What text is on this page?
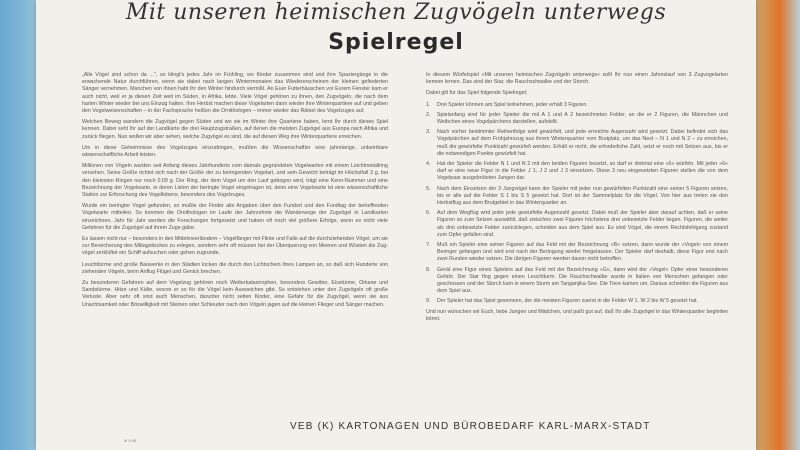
Mit unseren heimischen Zugvögeln unterwegs
Spielregel
III 9 44

„Alle Vögel sind schon da ...", so klingt's jedes Jahr im Frühling, wo Kinder zusammen sind und ihre Spaziergänge in die erwachende Natur durchführen, wenn sie dabei nach langen Wintermonaten das Wiedererscheinen der kleinen gefiederten Sänger vernehmen. Manchen von ihnen habt Ihr den Winter hindurch vermißt. An Euer Futterhäuschen vor Eurem Fenster kam er auch nicht, weil er ja diesen Zeit weit im Süden, in Afrika, lebte. Viele Vögel gehören zu ihnen, den Zugvögeln, die nach dem harten Winter wieder bei uns Einzug halten. Ihre Herbst machen diese Vogelarten dann wieder ihre Winterquartiere auf und geben den Vogelweisenschaften – in der Fachsprache heißen die Ornithologen – immer wieder das Rätsel des Vogelzuges auf.

Welchen Beweg wandern die Zugvögel gegen Süden und wo sie im Winter ihre Quartiere haben, lernt Ihr durch dieses Spiel kennen. Dabei seht Ihr auf der Landkarte die drei Hauptzugstraßen, auf denen die meisten Zugvögel aus Europa nach Afrika und zurück fliegen. Nun wollen wir aber sehen, welche Zugvögel es sind, die auf diesen Weg ihre Winterquartiere erreichen.

Um in diese Geheimnisse des Vogelzuges einzudringen, mußten die Wissenschaftler eine jahrelange, unbeirrbare wissenschaftliche Arbeit leisten.

Millionen von Vögeln wurden seit Anfang dieses Jahrhunderts vom damals gegründeten Vogelwarten mit einem Leichtmetallring versehen. Seine Größe richtet sich nach der Größe der zu beringenden Vogelart, und sein Gewicht beträgt im Höchstfall 3 g, bei den kleinsten Ringen nur noch 0,09 g. Der Ring, der dem Vogel um den Lauf gebogen wird, trägt eine Kenn-Nummer und eine Bezeichnung der Vogelwarte, in deren Listen der beringte Vogel eingetragen ist, denn eine Vogelwarte ist eine wissenschaftliche Station zur Erforschung des Vogellebens, besonders des Vogelzuges.

Wurde ein beringter Vogel gefunden, so mußte der Finder alle Angaben über den Fundort und den Fundtag der betreffenden Vogelwarte mitteilen. So konnten die Ornithologen im Laufe der Jahrzehnte die Wanderwege der Zugvögel in Landkarten einzeichnen. Jahr für Jahr werden die Forschungen fortgesetzt und haben oft noch viel größere Erfolge, wenn es nicht viele Gefahren für die Zugvögel auf ihrem Zuge gäbe.

Es lassen nicht nur – besonders in den Mittelmeerländern – Vogelfänger mit Flinte und Falle auf die durchziehenden Vögel, um sie zur Bereicherung des Mittagstisches zu erlegen, sondern sehr oft müssen bei der Überquerung von Meeren und Wüsten die Zugvögel zerklüftet ein Schiff aufsuchen oder gehen zugrunde.

Leuchttürme und große Bauwerke in den Städten locken die durch den Lichtschein ihres Lampen an, so daß sich Hunderte von ziehenden Vögeln, beim Anflug Flügel und Genick brechen.

Zu besonderen Gefahren auf dem Vogelzug gehören noch Wetterkatastrophen, besonders Gewitter, Eisstürme, Orkane und Sandstürme. Hitze und Kälte, wovon er so für die Vögel kein Ausweichen gibt. So entstehen unter den Zugvögeln oft große Verluste. Aber sehr oft sind auch Menschen, darunter nicht selten Kinder, eine Gefahr für die Zugvögel, wenn sie aus Unachtsamkeit oder Böswilligkeit mit Steinen oder Schleuder nach den Vögeln jagen auf die kleinen Flieger und Sänger machen.

In diesem Würfelspiel »Mit unseren heimischen Zugvögeln unterwegs« sollt Ihr nun einen Jahreslauf von 3 Zugvogelarten kennen lernen. Das sind der Star, die Rauchschwalbe und der Storch.

Dabei gilt für das Spiel folgende Spielregel:

1.	Drei Spieler können am Spiel teilnehmen, jeder erhält 3 Figuren.
2.	Spielanfang sind für jeder Spieler die mit A 1 und A 2 bezeichneten Felder, an die er 2 Figuren, die Männchen und Weibchen eines Vogelpärchens darstellen, aufstellt.
3.	Nach vorher bestimmter Reihenfolge wird gewürfelt, und jede erreichte Augenzahl wird gesetzt. Dabei befindet sich das Vogelpärchen auf dem Frühjahrszug aus ihrem Winterquartier vom Brutplatz, um das Nest – N 1 und N 2 – zu erreichen, muß die gewürfelte Punktzahl gewürfelt werden. Erhält er nicht, die erforderliche Zahl, setzt er noch mit Setzen aus, bis er die notwendigen Punkte gewürfelt hat.
4.	Hat der Spieler die Felder N 1 und N 2 mit den beiden Figuren besetzt, so darf er dreimal eine »6« würfeln. Mit jeder »6« darf er eine neue Figur in die Felder J 1, J 2 und J 3 einsetzen. Diese 3 neu eingesetzten Figuren stellen die von dem Vogelpaar ausgebrüteten Jungen dar.
5.	Nach dem Einsetzen der 3 Jungvögel kann der Spieler mit jeder nun gewürfelten Punktzahl eine seiner 5 Figuren setzen, bis er alle auf die Felder S 1 bis S 5 gesetzt hat. Dort ist der Sammelplatz für die Vögel. Von hier aus treten sie den Herbstflug aus dem Brutgebiet in das Winterquartier an.
6.	Auf dem Wegflug wird jeder jede gewürfelte Augenzahl gesetzt. Dabei muß der Spieler aber darauf achten, daß er seine Figuren so zum Setzen auswählt, daß zwischen zwei Figuren höchstens drei unbesetzte Felder liegen. Figuren, die weiter als drei unbesetzte Felder zurückliegen, scheiden aus dem Spiel aus. Es sind Vögel, die einem Rechtsfehlgang zustand zum Opfer gefallen sind.
7.	Muß ein Spieler eine seiner Figuren auf das Feld mit der Bezeichnung »B« setzen, dann wurde der »Vogel« von einem Beringer gefangen und wird erst nach der Beringung wieder freigelassen. Der Spieler darf deshalb, diese Figur erst nach zwei Runden wieder setzen. Die übrigen Figuren werden davon nicht betroffen.
8.	Gerät eine Figur eines Spielers auf das Feld mit der Bezeichnung »G«, dann wird der »Vogel« Opfer einer besonderen Gefahr. Der Star flog gegen einen Leuchtturm. Die Rauchschwalbe wurde in Italien von Menschen gefangen oder geschossen und der Storch kam in einem Sturm am Tanganjika-See. Die Tiere kamen um. Daraus scheiden die Figuren aus dem Spiel aus.
9.	Der Spieler hat das Spiel gewonnen, der die meisten Figuren zuerst in die Felder W 1, W 2 bis W 5 gesetzt hat.

Und nun wünschen wir Euch, liebe Jungen und Mädchen, und paßt gut auf, daß Ihr alle Zugvögel in das Winterquartier begleiten könnt.

VEB (K) KARTONAGEN UND BÜROBEDARF KARL-MARX-STADT
